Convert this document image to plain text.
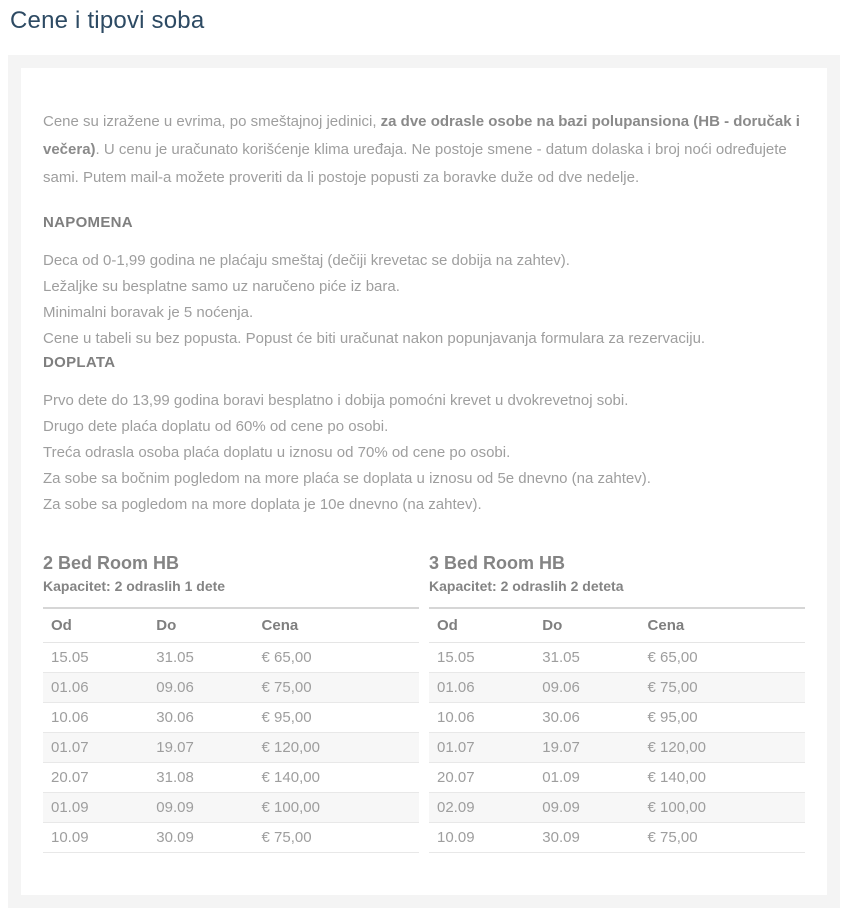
Cene i tipovi soba

Cene su izražene u evrima, po smeštajnoj jedinici, za dve odrasle osobe na bazi polupansiona (HB - doručak i večera). U cenu je uračunato korišćenje klima uređaja. Ne postoje smene - datum dolaska i broj noći određujete sami. Putem mail-a možete proveriti da li postoje popusti za boravke duže od dve nedelje.

NAPOMENA

Deca od 0-1,99 godina ne plaćaju smeštaj (dečiji krevetac se dobija na zahtev).

Ležaljke su besplatne samo uz naručeno piće iz bara.

Minimalni boravak je 5 noćenja.

Cene u tabeli su bez popusta. Popust će biti uračunat nakon popunjavanja formulara za rezervaciju.

DOPLATA

Prvo dete do 13,99 godina boravi besplatno i dobija pomoćni krevet u dvokrevetnoj sobi.

Drugo dete plaća doplatu od 60% od cene po osobi.

Treća odrasla osoba plaća doplatu u iznosu od 70% od cene po osobi.

Za sobe sa bočnim pogledom na more plaća se doplata u iznosu od 5e dnevno (na zahtev).

Za sobe sa pogledom na more doplata je 10e dnevno (na zahtev).

2 Bed Room HB
Kapacitet: 2 odraslih 1 dete
Od	Do	Cena
15.05	31.05	€ 65,00
01.06	09.06	€ 75,00
10.06	30.06	€ 95,00
01.07	19.07	€ 120,00
20.07	31.08	€ 140,00
01.09	09.09	€ 100,00
10.09	30.09	€ 75,00
3 Bed Room HB
Kapacitet: 2 odraslih 2 deteta
Od	Do	Cena
15.05	31.05	€ 65,00
01.06	09.06	€ 75,00
10.06	30.06	€ 95,00
01.07	19.07	€ 120,00
20.07	01.09	€ 140,00
02.09	09.09	€ 100,00
10.09	30.09	€ 75,00
